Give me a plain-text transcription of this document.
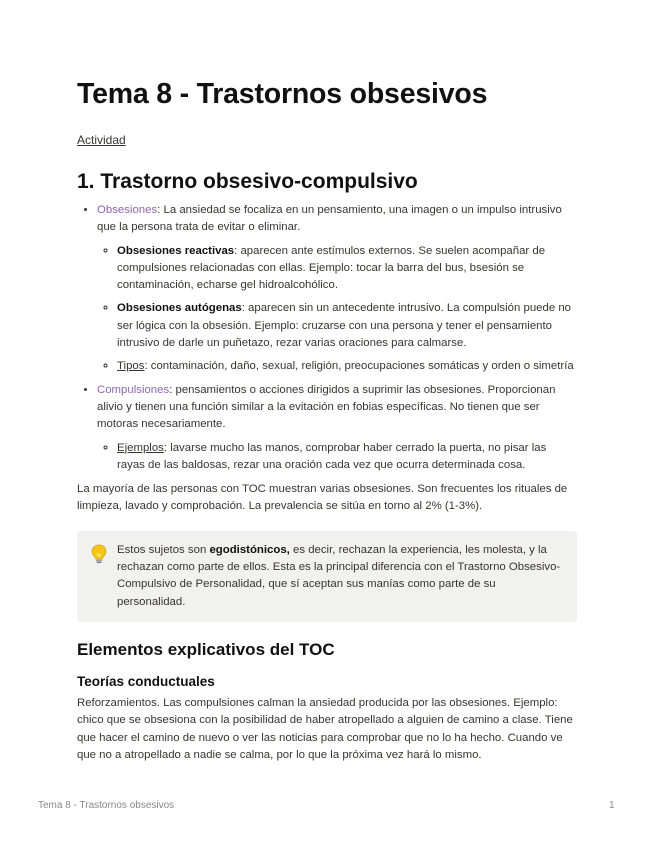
Tema 8 - Trastornos obsesivos
Actividad
1. Trastorno obsesivo-compulsivo
• Obsesiones: La ansiedad se focaliza en un pensamiento, una imagen o un impulso intrusivo que la persona trata de evitar o eliminar.
◦ Obsesiones reactivas: aparecen ante estímulos externos. Se suelen acompañar de compulsiones relacionadas con ellas. Ejemplo: tocar la barra del bus, bsesión se contaminación, echarse gel hidroalcohólico.
◦ Obsesiones autógenas: aparecen sin un antecedente intrusivo. La compulsión puede no ser lógica con la obsesión. Ejemplo: cruzarse con una persona y tener el pensamiento intrusivo de darle un puñetazo, rezar varias oraciones para calmarse.
◦ Tipos: contaminación, daño, sexual, religión, preocupaciones somáticas y orden o simetría
• Compulsiones: pensamientos o acciones dirigidos a suprimir las obsesiones. Proporcionan alivio y tienen una función similar a la evitación en fobias específicas. No tienen que ser motoras necesariamente.
◦ Ejemplos: lavarse mucho las manos, comprobar haber cerrado la puerta, no pisar las rayas de las baldosas, rezar una oración cada vez que ocurra determinada cosa.

La mayoría de las personas con TOC muestran varias obsesiones. Son frecuentes los rituales de limpieza, lavado y comprobación. La prevalencia se sitúa en torno al 2% (1-3%).

Estos sujetos son egodistónicos, es decir, rechazan la experiencia, les molesta, y la rechazan como parte de ellos. Esta es la principal diferencia con el Trastorno Obsesivo-Compulsivo de Personalidad, que sí aceptan sus manías como parte de su personalidad.
Elementos explicativos del TOC
Teorías conductuales

Reforzamientos. Las compulsiones calman la ansiedad producida por las obsesiones. Ejemplo: chico que se obsesiona con la posibilidad de haber atropellado a alguien de camino a clase. Tiene que hacer el camino de nuevo o ver las noticias para comprobar que no lo ha hecho. Cuando ve que no a atropellado a nadie se calma, por lo que la próxima vez hará lo mismo.

Tema 8 - Trastornos obsesivos	1
